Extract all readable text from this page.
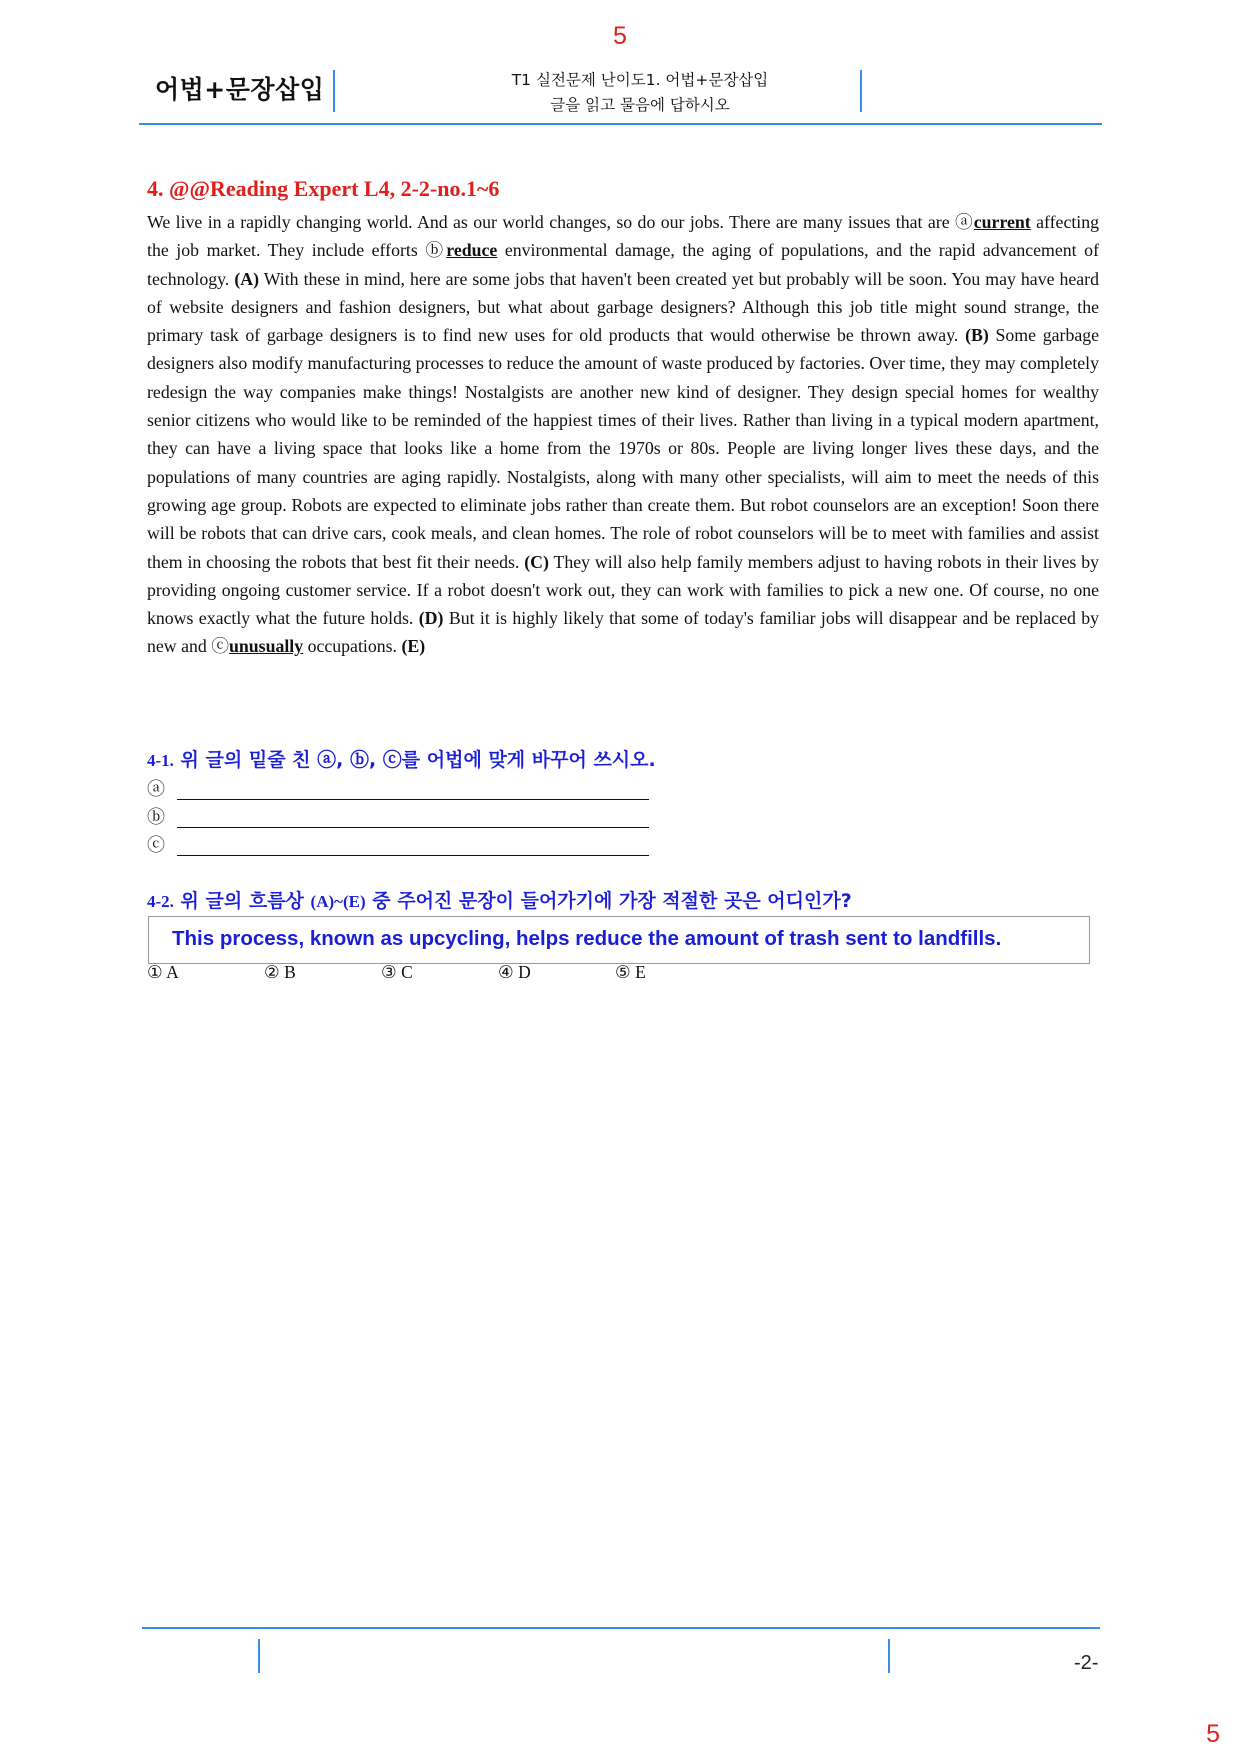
5
5
어법+문장삽입	T1 실전문제 난이도1. 어법+문장삽입
글을 읽고 물음에 답하시오
4. @@Reading Expert L4, 2-2-no.1~6
We live in a rapidly changing world. And as our world changes, so do our jobs. There are many issues that are ⓐcurrent affecting the job market. They include efforts ⓑreduce environmental damage, the aging of populations, and the rapid advancement of technology. (A) With these in mind, here are some jobs that haven't been created yet but probably will be soon. You may have heard of website designers and fashion designers, but what about garbage designers? Although this job title might sound strange, the primary task of garbage designers is to find new uses for old products that would otherwise be thrown away. (B) Some garbage designers also modify manufacturing processes to reduce the amount of waste produced by factories. Over time, they may completely redesign the way companies make things! Nostalgists are another new kind of designer. They design special homes for wealthy senior citizens who would like to be reminded of the happiest times of their lives. Rather than living in a typical modern apartment, they can have a living space that looks like a home from the 1970s or 80s. People are living longer lives these days, and the populations of many countries are aging rapidly. Nostalgists, along with many other specialists, will aim to meet the needs of this growing age group. Robots are expected to eliminate jobs rather than create them. But robot counselors are an exception! Soon there will be robots that can drive cars, cook meals, and clean homes. The role of robot counselors will be to meet with families and assist them in choosing the robots that best fit their needs. (C) They will also help family members adjust to having robots in their lives by providing ongoing customer service. If a robot doesn't work out, they can work with families to pick a new one. Of course, no one knows exactly what the future holds. (D) But it is highly likely that some of today's familiar jobs will disappear and be replaced by new and ⓒunusually occupations. (E)
4-1. 위 글의 밑줄 친 ⓐ, ⓑ, ⓒ를 어법에 맞게 바꾸어 쓰시오.
ⓐ
ⓑ
ⓒ
4-2. 위 글의 흐름상 (A)~(E) 중 주어진 문장이 들어가기에 가장 적절한 곳은 어디인가?
This process, known as upcycling, helps reduce the amount of trash sent to landfills.
① A	② B	③ C	④ D	⑤ E
-2-
